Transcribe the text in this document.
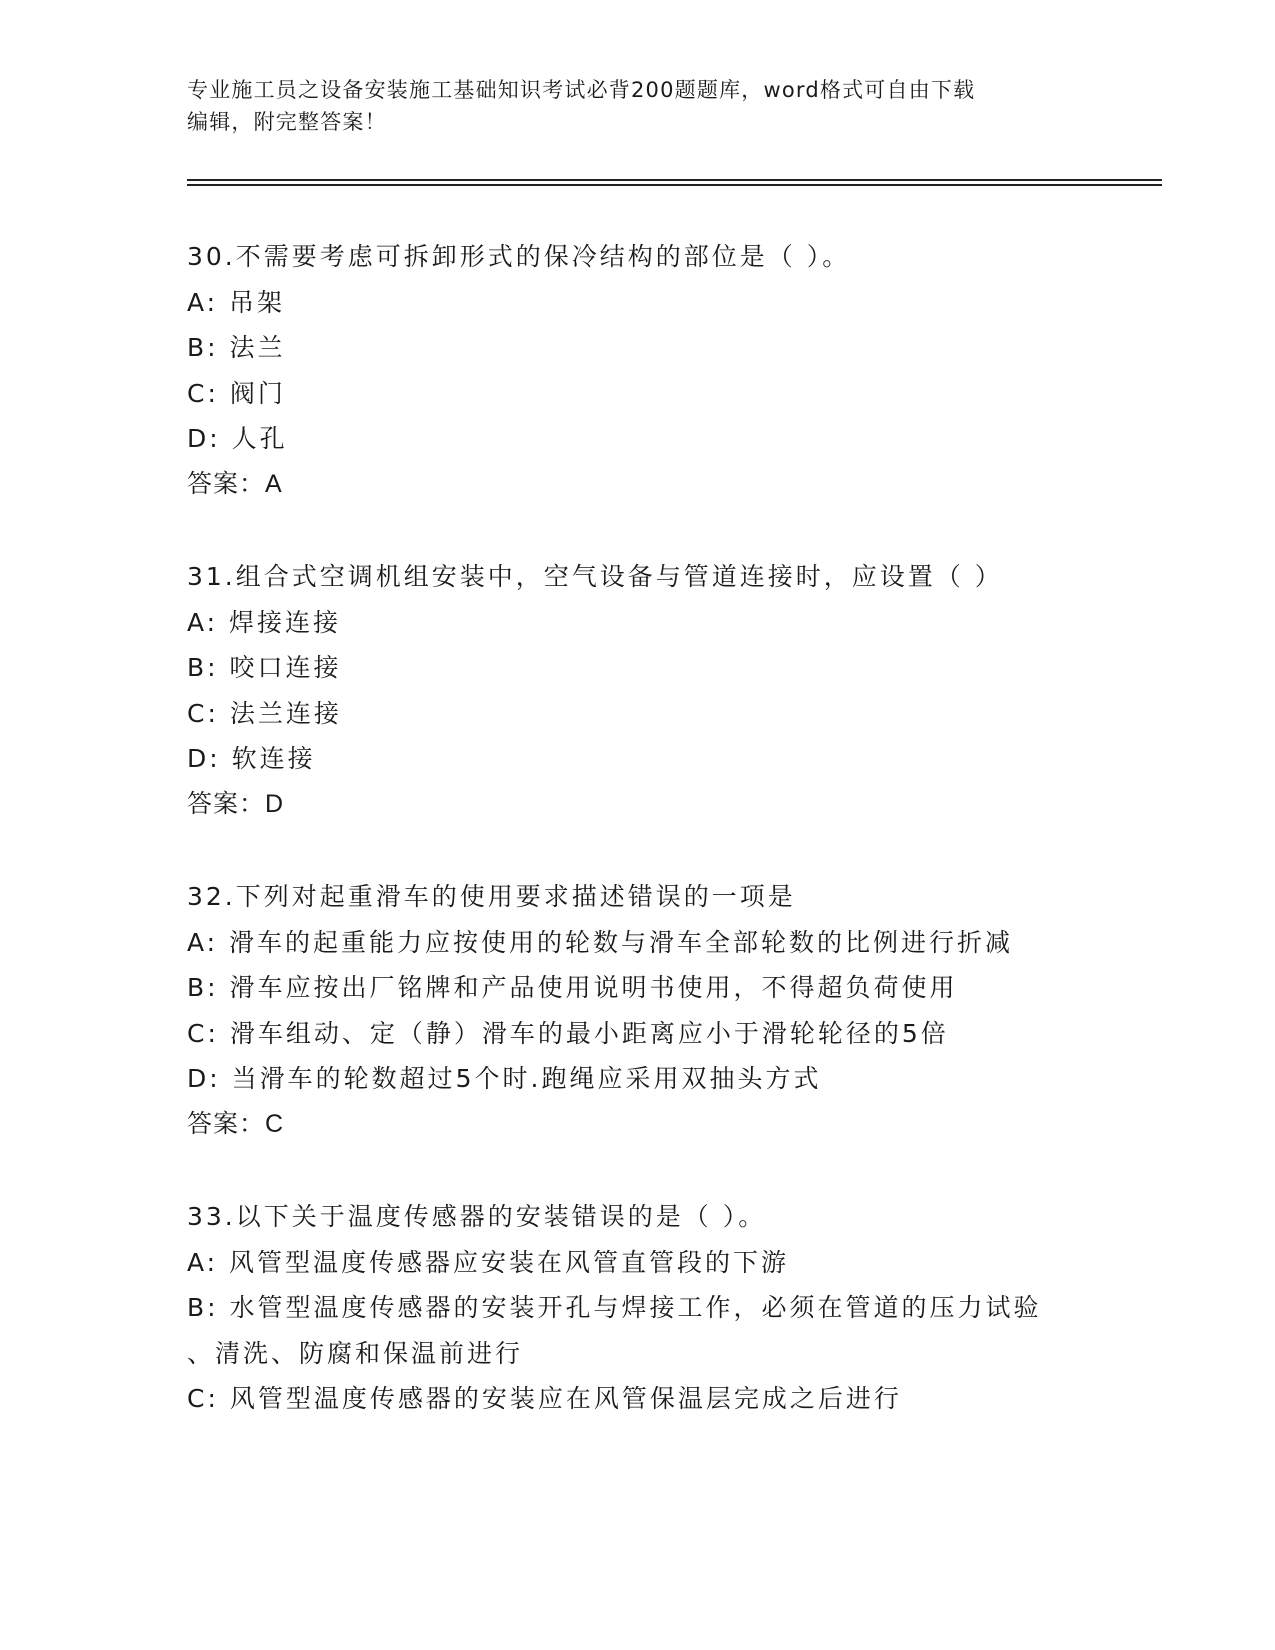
专业施工员之设备安装施工基础知识考试必背200题题库，word格式可自由下载
编辑，附完整答案！
30.不需要考虑可拆卸形式的保冷结构的部位是（ ）。
A: 吊架
B: 法兰
C: 阀门
D: 人孔
答案：A
31.组合式空调机组安装中，空气设备与管道连接时，应设置（ ）
A: 焊接连接
B: 咬口连接
C: 法兰连接
D: 软连接
答案：D
32.下列对起重滑车的使用要求描述错误的一项是
A: 滑车的起重能力应按使用的轮数与滑车全部轮数的比例进行折减
B: 滑车应按出厂铭牌和产品使用说明书使用，不得超负荷使用
C: 滑车组动、定（静）滑车的最小距离应小于滑轮轮径的5倍
D: 当滑车的轮数超过5个时.跑绳应采用双抽头方式
答案：C
33.以下关于温度传感器的安装错误的是（ ）。
A: 风管型温度传感器应安装在风管直管段的下游
B: 水管型温度传感器的安装开孔与焊接工作，必须在管道的压力试验
、清洗、防腐和保温前进行
C: 风管型温度传感器的安装应在风管保温层完成之后进行
